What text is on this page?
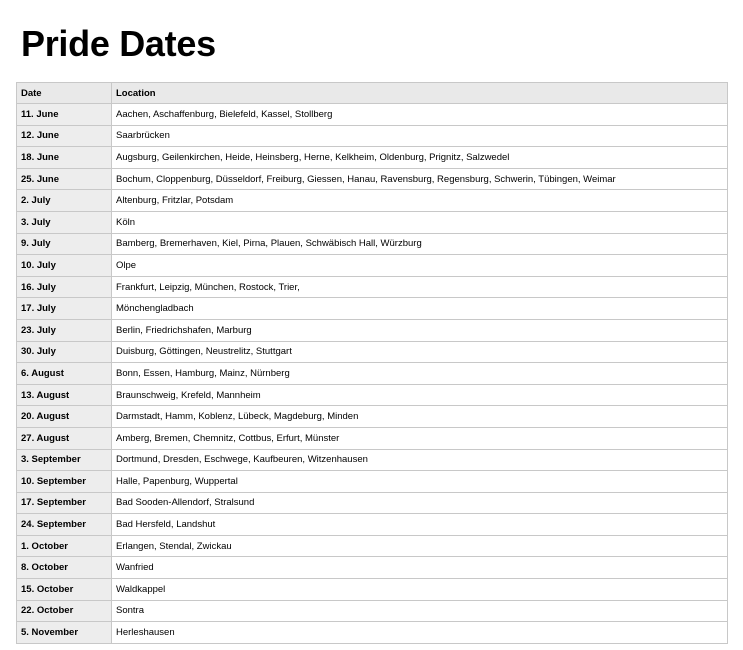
Pride Dates
Date	Location
11. June	Aachen, Aschaffenburg, Bielefeld, Kassel, Stollberg
12. June	Saarbrücken
18. June	Augsburg, Geilenkirchen, Heide, Heinsberg, Herne, Kelkheim, Oldenburg, Prignitz, Salzwedel
25. June	Bochum, Cloppenburg, Düsseldorf, Freiburg, Giessen, Hanau, Ravensburg, Regensburg, Schwerin, Tübingen, Weimar
2. July	Altenburg, Fritzlar, Potsdam
3. July	Köln
9. July	Bamberg, Bremerhaven, Kiel, Pirna, Plauen, Schwäbisch Hall, Würzburg
10. July	Olpe
16. July	Frankfurt, Leipzig, München, Rostock, Trier,
17. July	Mönchengladbach
23. July	Berlin, Friedrichshafen, Marburg
30. July	Duisburg, Göttingen, Neustrelitz, Stuttgart
6. August	Bonn, Essen, Hamburg, Mainz, Nürnberg
13. August	Braunschweig, Krefeld, Mannheim
20. August	Darmstadt, Hamm, Koblenz, Lübeck, Magdeburg, Minden
27. August	Amberg, Bremen, Chemnitz, Cottbus, Erfurt, Münster
3. September	Dortmund, Dresden, Eschwege, Kaufbeuren, Witzenhausen
10. September	Halle, Papenburg, Wuppertal
17. September	Bad Sooden-Allendorf, Stralsund
24. September	Bad Hersfeld, Landshut
1. October	Erlangen, Stendal, Zwickau
8. October	Wanfried
15. October	Waldkappel
22. October	Sontra
5. November	Herleshausen
